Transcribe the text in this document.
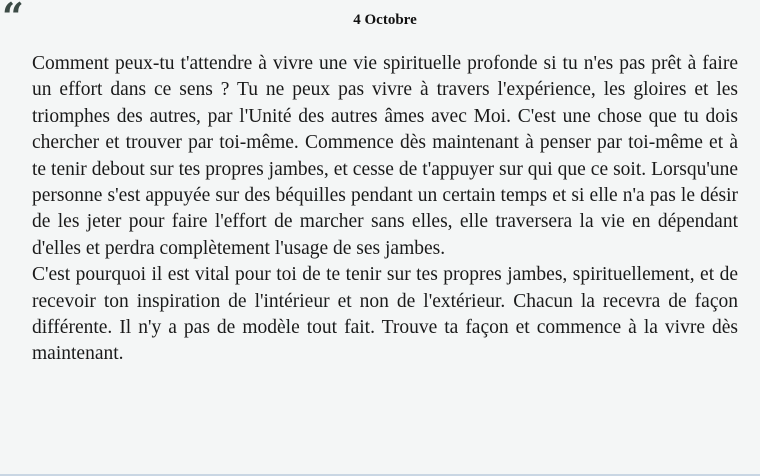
“	4 Octobre

Comment peux-tu t'attendre à vivre une vie spirituelle profonde si tu n'es pas prêt à faire un effort dans ce sens ? Tu ne peux pas vivre à travers l'expérience, les gloires et les triomphes des autres, par l'Unité des autres âmes avec Moi. C'est une chose que tu dois chercher et trouver par toi-même. Commence dès maintenant à penser par toi-même et à te tenir debout sur tes propres jambes, et cesse de t'appuyer sur qui que ce soit. Lorsqu'une personne s'est appuyée sur des béquilles pendant un certain temps et si elle n'a pas le désir de les jeter pour faire l'effort de marcher sans elles, elle traversera la vie en dépendant d'elles et perdra complètement l'usage de ses jambes.

C'est pourquoi il est vital pour toi de te tenir sur tes propres jambes, spirituellement, et de recevoir ton inspiration de l'intérieur et non de l'extérieur. Chacun la recevra de façon différente. Il n'y a pas de modèle tout fait. Trouve ta façon et commence à la vivre dès maintenant.
